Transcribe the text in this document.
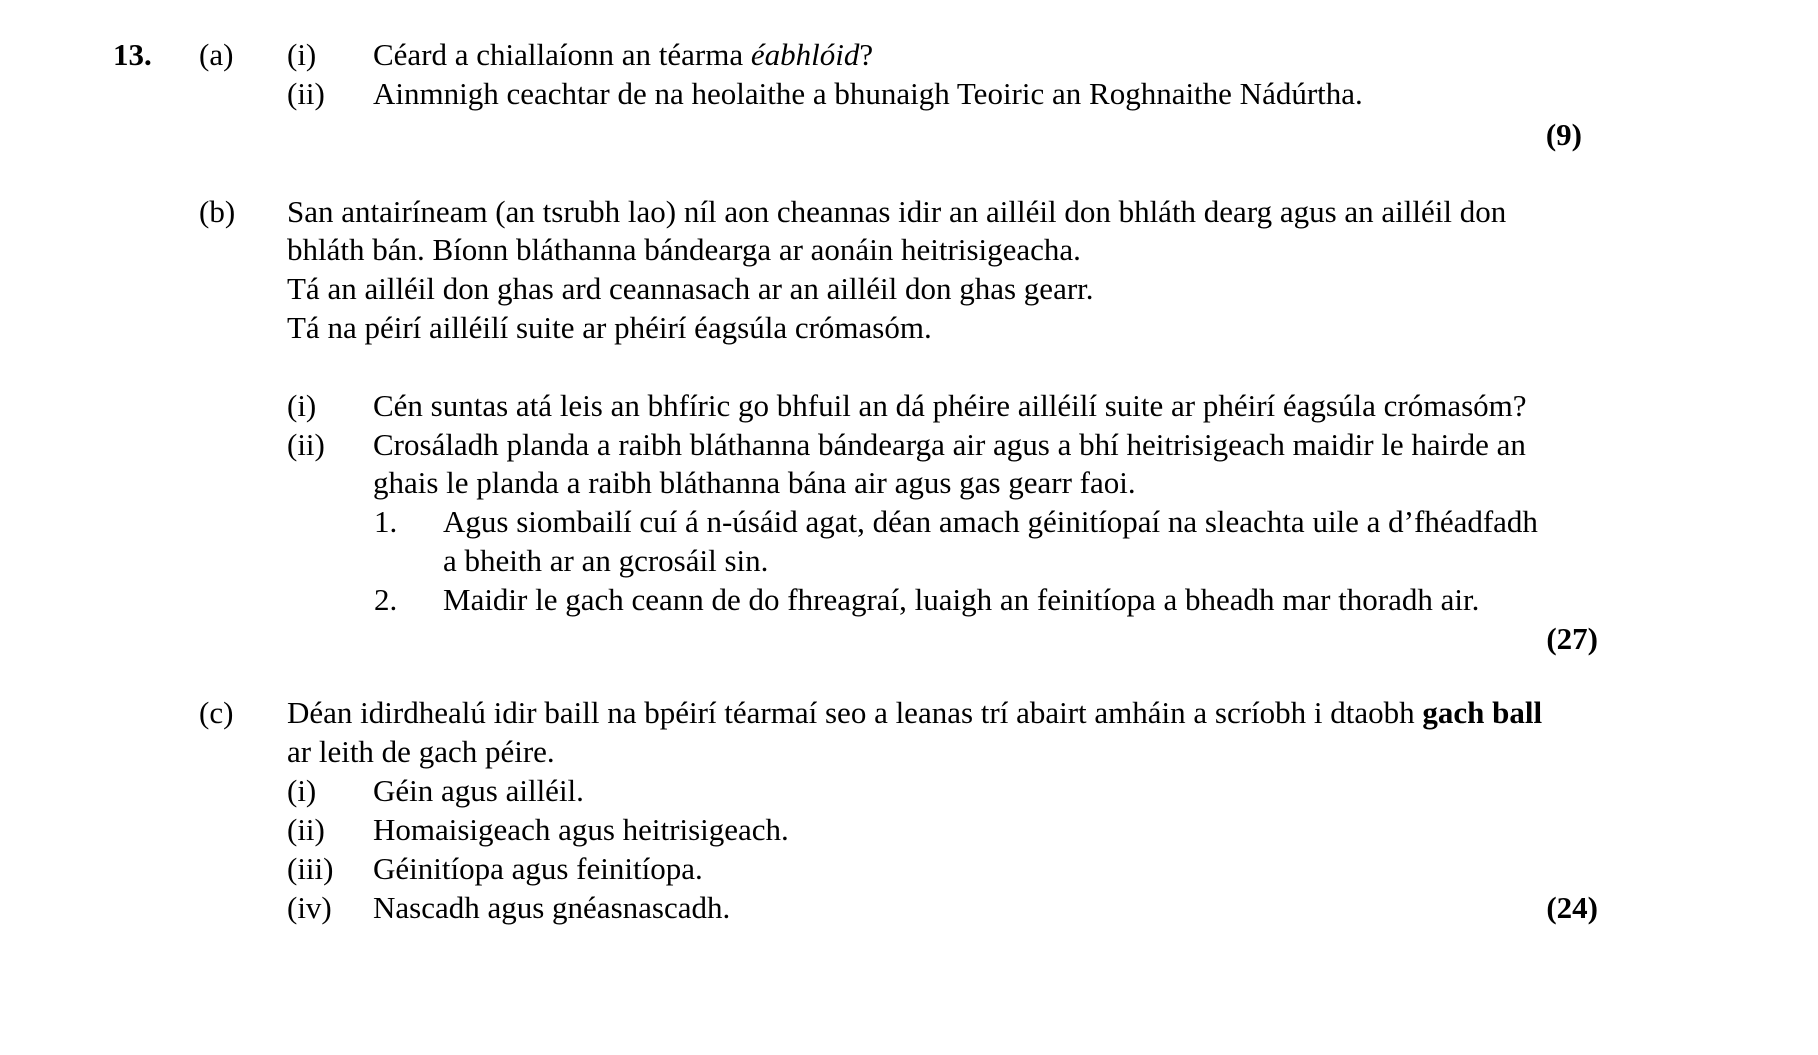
13. (a) (i) Céard a chiallaíonn an téarma éabhlóid?
(ii) Ainmnigh ceachtar de na heolaithe a bhunaigh Teoiric an Roghnaithe Nádúrtha.
(9)
(b) San antairíneam (an tsrubh lao) níl aon cheannas idir an ailléil don bhláth dearg agus an ailléil don
bhláth bán. Bíonn bláthanna bándearga ar aonáin heitrisigeacha.
Tá an ailléil don ghas ard ceannasach ar an ailléil don ghas gearr.
Tá na péirí ailléilí suite ar phéirí éagsúla crómasóm.
(i) Cén suntas atá leis an bhfíric go bhfuil an dá phéire ailléilí suite ar phéirí éagsúla crómasóm?
(ii) Crosáladh planda a raibh bláthanna bándearga air agus a bhí heitrisigeach maidir le hairde an
ghais le planda a raibh bláthanna bána air agus gas gearr faoi.
1. Agus siombailí cuí á n-úsáid agat, déan amach géinitíopaí na sleachta uile a d’fhéadfadh
a bheith ar an gcrosáil sin.
2. Maidir le gach ceann de do fhreagraí, luaigh an feinitíopa a bheadh mar thoradh air.
(27)
(c) Déan idirdhealú idir baill na bpéirí téarmaí seo a leanas trí abairt amháin a scríobh i dtaobh gach ball
ar leith de gach péire.
(i) Géin agus ailléil.
(ii) Homaisigeach agus heitrisigeach.
(iii) Géinitíopa agus feinitíopa.
(iv) Nascadh agus gnéasnascadh.	(24)
